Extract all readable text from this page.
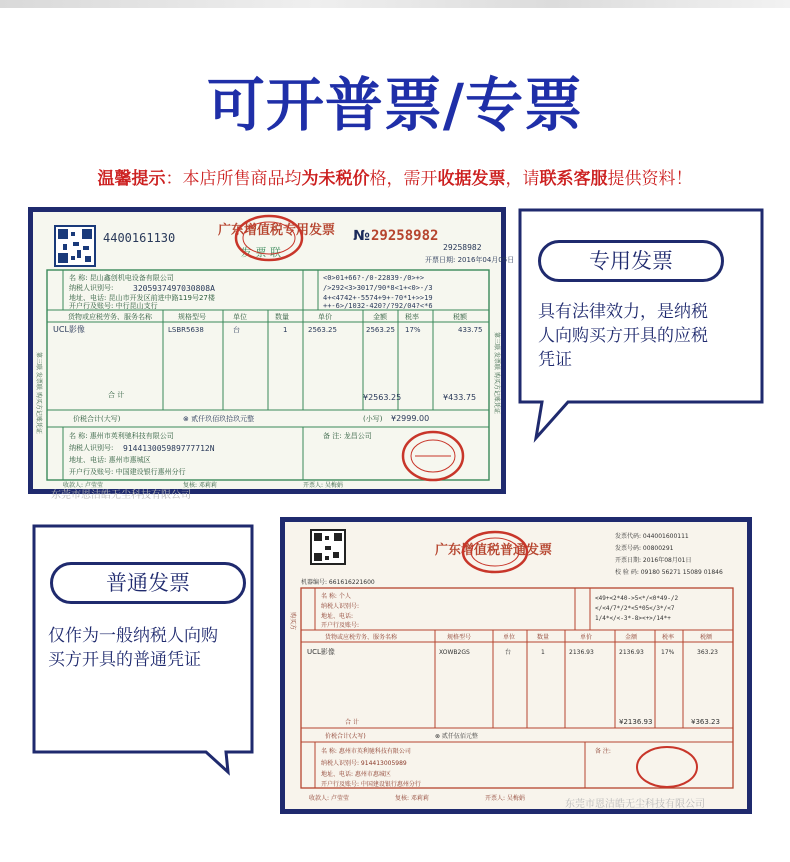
可开普票/专票
温馨提示：本店所售商品均为未税价格，需开收据发票，请联系客服提供资料！
4400161130	广东增值税专用发票
发 票 联
№ 29258982
29258982
开票日期: 2016年04月05日
名 称: 昆山鑫创机电设备有限公司
纳税人识别号:
地址、电话: 昆山市开发区前进中路119号27楼
开户行及账号: 中行昆山支行
3205937497030808A
<0>01+66?-/0-22839-/0>+>
/>292<3>3017/90*8<1+<0>-/3
4+<4742+-5574+9+-70*1+>>19
++-6>/1032-420?/?92/04?<*6
货物或应税劳务、服务名称	规格型号	单位	数量	单价	金额	税率	税额
UCL影像	LSBR5638	台	1	2563.25	2563.25 17%	433.75
合 计	¥2563.25	¥433.75
价税合计(大写)	⊗ 贰仟玖佰玖拾玖元整	(小写) ¥2999.00
名 称: 惠州市英利驰科技有限公司
纳税人识别号: 914413005989777712N
地址、电话: 惠州市惠城区
开户行及账号: 中国建设银行惠州分行
备 注: 龙昌公司
收款人: 卢莹莹	复核: 邓莉莉	开票人: 吴梅娟
第三联 发票联 购买方记账凭证	第三联 发票联 购买方记账凭证
东莞市恩洁皓无尘科技有限公司
专用发票
具有法律效力，是纳税
人向购买方开具的应税
凭证
普通发票
仅作为一般纳税人向购
买方开具的普通凭证
广东增值税普通发票
发票代码: 044001600111
发票号码: 00800291
开票日期: 2016年08月01日
校 验 码: 09180 56271 15089 01846
机器编号: 661616221600
名 称: 个人
纳税人识别号:
地址、电话:
开户行及账号:
<49+<2*40->5<*/<0*49-/2
</<4/7*/2*<5*05</3*/<7
1/4*</<-3*-8><+>/14*+
货物或应税劳务、服务名称	规格型号	单位	数量	单价	金额	税率	税额
UCL影像	XOWB2GS	台	1	2136.93	2136.93	17%	363.23
合 计	¥2136.93	¥363.23
价税合计(大写)	⊗ 贰仟伍佰元整
名 称: 惠州市英利驰科技有限公司
纳税人识别号: 914413005989
地址、电话: 惠州市惠城区
开户行及账号: 中国建设银行惠州分行
备 注:
收款人: 卢莹莹	复核: 邓莉莉	开票人: 吴梅娟
购买方
东莞市恩洁皓无尘科技有限公司
